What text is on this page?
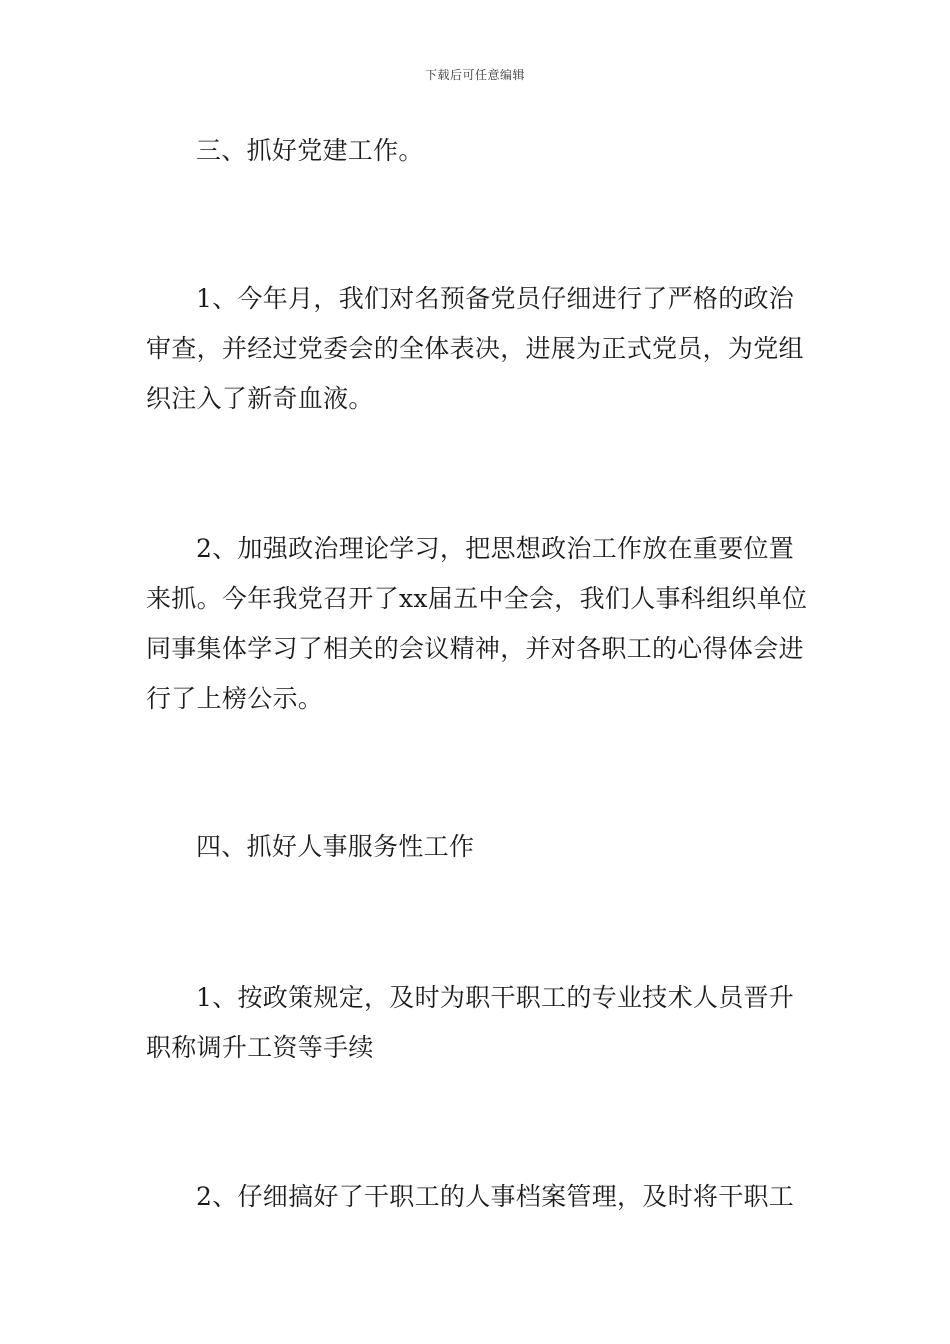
下载后可任意编辑
三、抓好党建工作。
1、今年月，我们对名预备党员仔细进行了严格的政治审查，并经过党委会的全体表决，进展为正式党员，为党组织注入了新奇血液。
2、加强政治理论学习，把思想政治工作放在重要位置来抓。今年我党召开了xx届五中全会，我们人事科组织单位同事集体学习了相关的会议精神，并对各职工的心得体会进行了上榜公示。
四、抓好人事服务性工作
1、按政策规定，及时为职干职工的专业技术人员晋升职称调升工资等手续
2、仔细搞好了干职工的人事档案管理，及时将干职工
